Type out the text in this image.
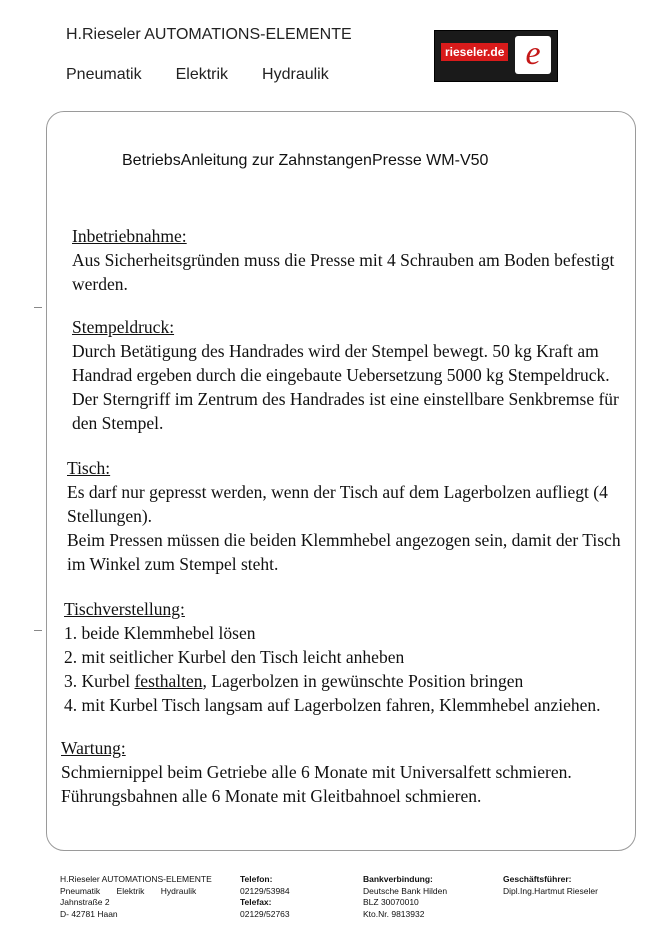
H.Rieseler AUTOMATIONS-ELEMENTE
Pneumatik Elektrik Hydraulik
rieseler.de e
BetriebsAnleitung zur ZahnstangenPresse WM-V50

Inbetriebnahme:

Aus Sicherheitsgründen muss die Presse mit 4 Schrauben am Boden befestigt

werden.

Stempeldruck:

Durch Betätigung des Handrades wird der Stempel bewegt. 50 kg Kraft am

Handrad ergeben durch die eingebaute Uebersetzung 5000 kg Stempeldruck.

Der Sterngriff im Zentrum des Handrades ist eine einstellbare Senkbremse für

den Stempel.

Tisch:

Es darf nur gepresst werden, wenn der Tisch auf dem Lagerbolzen aufliegt (4

Stellungen).

Beim Pressen müssen die beiden Klemmhebel angezogen sein, damit der Tisch

im Winkel zum Stempel steht.

Tischverstellung:

1. beide Klemmhebel lösen

2. mit seitlicher Kurbel den Tisch leicht anheben

3. Kurbel festhalten, Lagerbolzen in gewünschte Position bringen

4. mit Kurbel Tisch langsam auf Lagerbolzen fahren, Klemmhebel anziehen.

Wartung:

Schmiernippel beim Getriebe alle 6 Monate mit Universalfett schmieren.

Führungsbahnen alle 6 Monate mit Gleitbahnoel schmieren.

H.Rieseler AUTOMATIONS-ELEMENTE
Pneumatik Elektrik Hydraulik
Jahnstraße 2
D- 42781 Haan
Telefon:
02129/53984
Telefax:
02129/52763
Bankverbindung:
Deutsche Bank Hilden
BLZ 30070010
Kto.Nr. 9813932
Geschäftsführer:
Dipl.Ing.Hartmut Rieseler
